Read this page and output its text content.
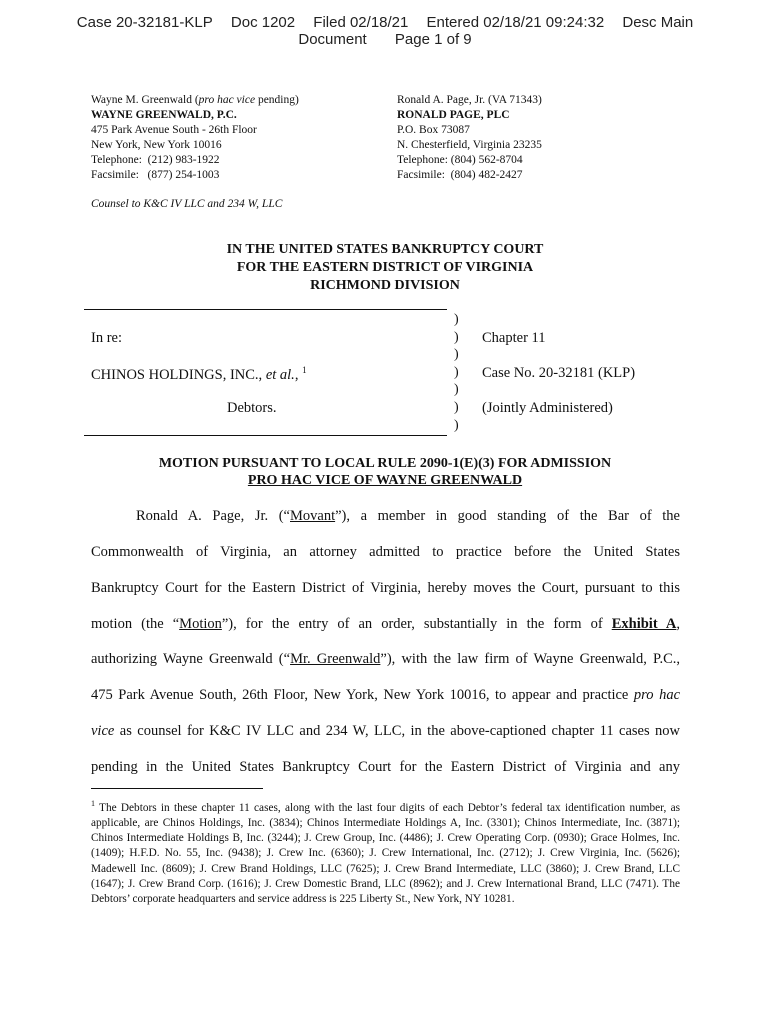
Case 20-32181-KLP Doc 1202 Filed 02/18/21 Entered 02/18/21 09:24:32 Desc Main
Document Page 1 of 9
Wayne M. Greenwald (pro hac vice pending)
WAYNE GREENWALD, P.C.
475 Park Avenue South - 26th Floor
New York, New York 10016
Telephone:  (212) 983-1922
Facsimile:   (877) 254-1003
Ronald A. Page, Jr. (VA 71343)
RONALD PAGE, PLC
P.O. Box 73087
N. Chesterfield, Virginia 23235
Telephone: (804) 562-8704
Facsimile:  (804) 482-2427
Counsel to K&C IV LLC and 234 W, LLC
IN THE UNITED STATES BANKRUPTCY COURT
FOR THE EASTERN DISTRICT OF VIRGINIA
RICHMOND DIVISION
)
)
)
)
)
)
)
In re:
CHINOS HOLDINGS, INC., et al., $^1$
Debtors.
Chapter 11
Case No. 20-32181 (KLP)
(Jointly Administered)
MOTION PURSUANT TO LOCAL RULE 2090-1(E)(3) FOR ADMISSION
PRO HAC VICE OF WAYNE GREENWALD
Ronald A. Page, Jr. (“Movant”), a member in good standing of the Bar of the
Commonwealth of Virginia, an attorney admitted to practice before the United States
Bankruptcy Court for the Eastern District of Virginia, hereby moves the Court, pursuant to this
motion (the “Motion”), for the entry of an order, substantially in the form of Exhibit A,
authorizing Wayne Greenwald (“Mr. Greenwald”), with the law firm of Wayne Greenwald, P.C.,
475 Park Avenue South, 26th Floor, New York, New York 10016, to appear and practice pro hac
vice as counsel for K&C IV LLC and 234 W, LLC, in the above-captioned chapter 11 cases now
pending in the United States Bankruptcy Court for the Eastern District of Virginia and any
$^1$ The Debtors in these chapter 11 cases, along with the last four digits of each Debtor’s federal tax identification number, as applicable, are Chinos Holdings, Inc. (3834); Chinos Intermediate Holdings A, Inc. (3301); Chinos Intermediate, Inc. (3871); Chinos Intermediate Holdings B, Inc. (3244); J. Crew Group, Inc. (4486); J. Crew Operating Corp. (0930); Grace Holmes, Inc. (1409); H.F.D. No. 55, Inc. (9438); J. Crew Inc. (6360); J. Crew International, Inc. (2712); J. Crew Virginia, Inc. (5626); Madewell Inc. (8609); J. Crew Brand Holdings, LLC (7625); J. Crew Brand Intermediate, LLC (3860); J. Crew Brand, LLC (1647); J. Crew Brand Corp. (1616); J. Crew Domestic Brand, LLC (8962); and J. Crew International Brand, LLC (7471). The Debtors’ corporate headquarters and service address is 225 Liberty St., New York, NY 10281.
